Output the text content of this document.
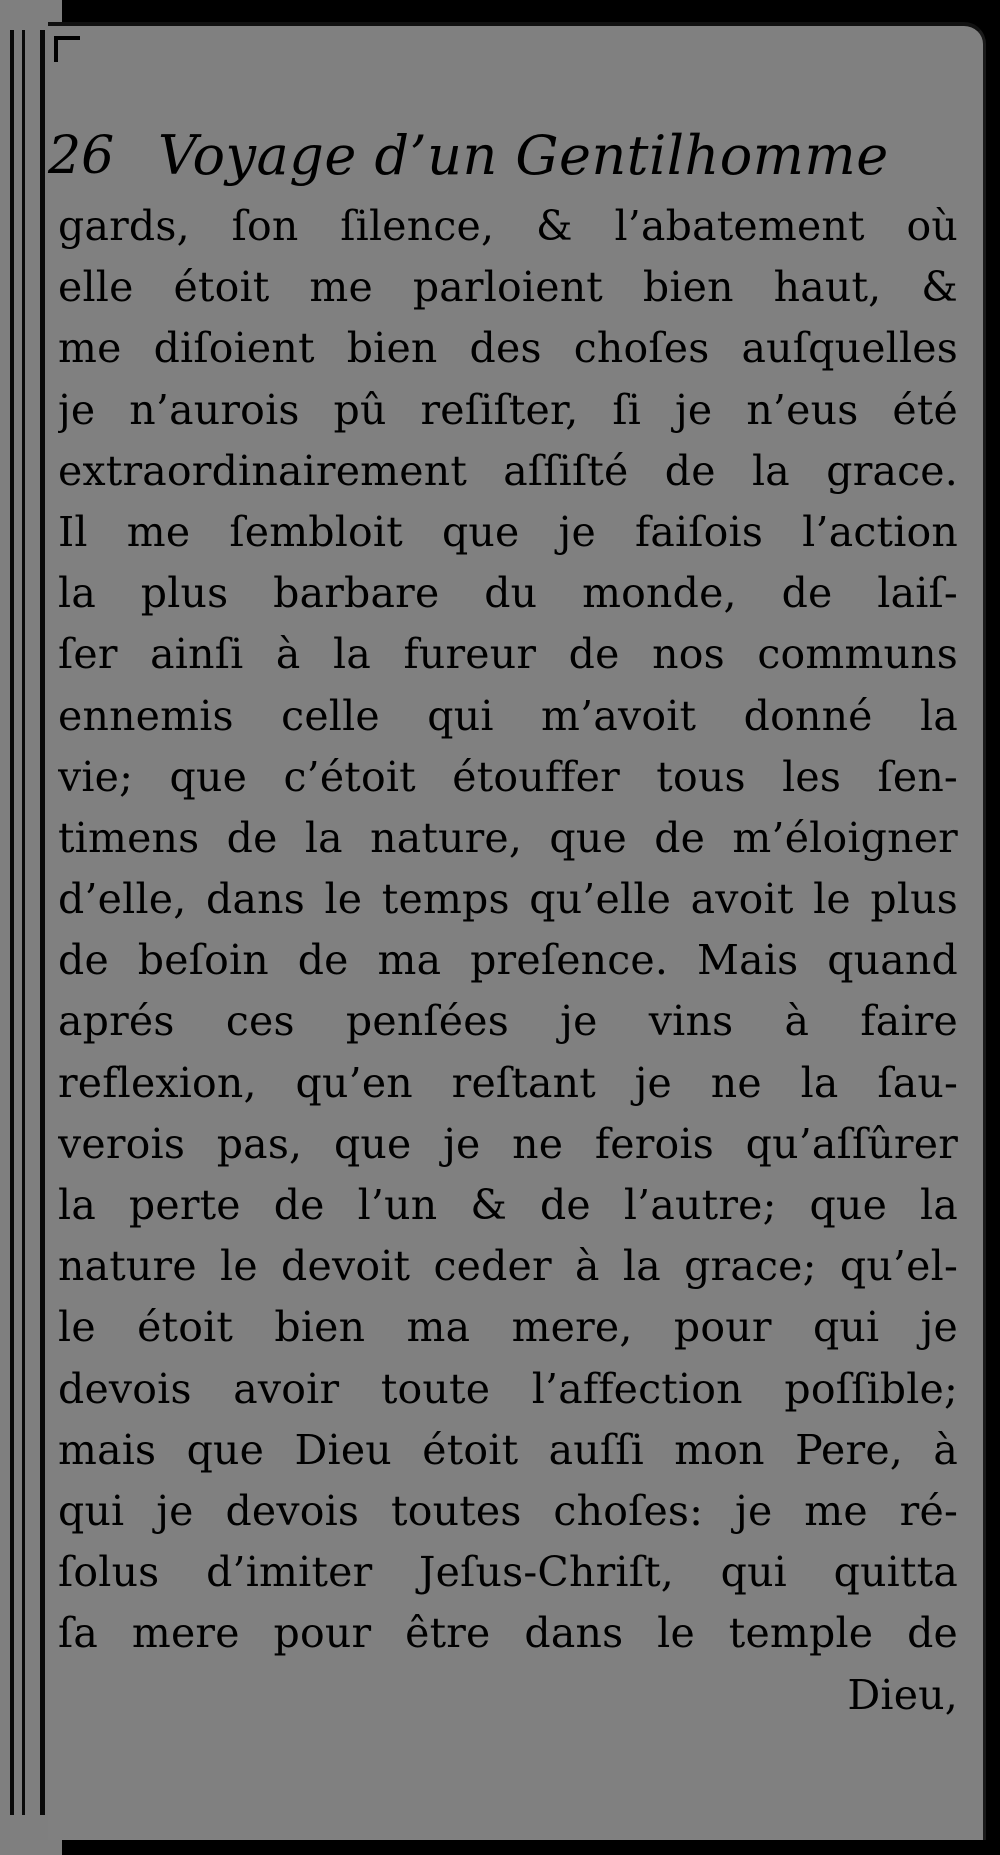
26 Voyage d’un Gentilhomme
gards, ſon ſilence, & l’abatement où
elle étoit me parloient bien haut, &
me diſoient bien des choſes auſquelles
je n’aurois pû reſiſter, ſi je n’eus été
extraordinairement aſſiſté de la grace.
Il me ſembloit que je faiſois l’action
la plus barbare du monde, de laiſ-
ſer ainſi à la fureur de nos communs
ennemis celle qui m’avoit donné la
vie; que c’étoit étouffer tous les ſen-
timens de la nature, que de m’éloigner
d’elle, dans le temps qu’elle avoit le plus
de beſoin de ma preſence. Mais quand
aprés ces penſées je vins à faire
reflexion, qu’en reſtant je ne la ſau-
verois pas, que je ne ferois qu’aſſûrer
la perte de l’un & de l’autre; que la
nature le devoit ceder à la grace; qu’el-
le étoit bien ma mere, pour qui je
devois avoir toute l’affection poſſible;
mais que Dieu étoit auſſi mon Pere, à
qui je devois toutes choſes: je me ré-
ſolus d’imiter Jeſus-Chriſt, qui quitta
ſa mere pour être dans le temple de
Dieu,
